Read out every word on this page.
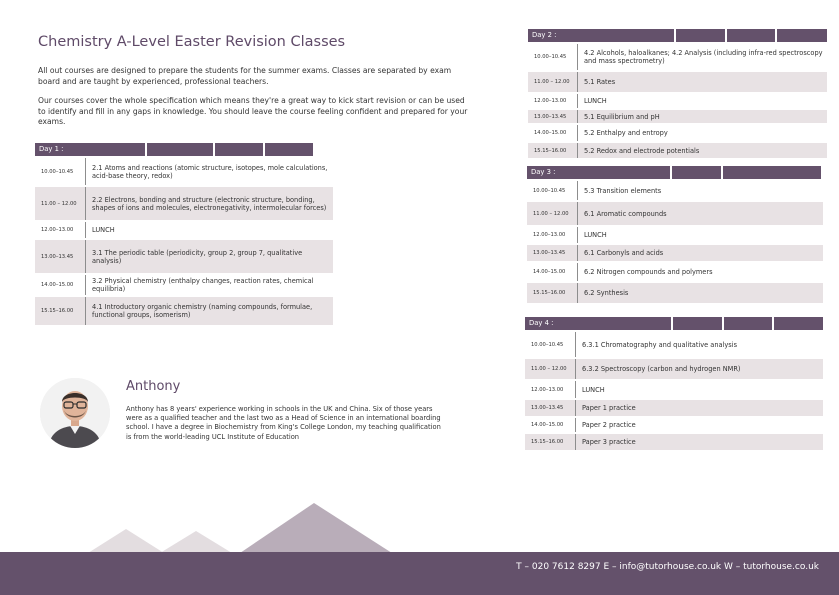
Chemistry A-Level Easter Revision Classes

All out courses are designed to prepare the students for the summer exams. Classes are separated by exam board and are taught by experienced, professional teachers.

Our courses cover the whole specification which means they're a great way to kick start revision or can be used to identify and fill in any gaps in knowledge. You should leave the course feeling confident and prepared for your exams.

Day 1 :
10.00–10.45	2.1 Atoms and reactions (atomic structure, isotopes, mole calculations, acid-base theory, redox)
11.00 – 12.00	2.2 Electrons, bonding and structure (electronic structure, bonding, shapes of ions and molecules, electronegativity, intermolecular forces)
12.00–13.00	LUNCH
13.00–13.45	3.1 The periodic table (periodicity, group 2, group 7, qualitative analysis)
14.00–15.00	3.2 Physical chemistry (enthalpy changes, reaction rates, chemical equilibria)
15.15–16.00	4.1 Introductory organic chemistry (naming compounds, formulae, functional groups, isomerism)
Day 2 :
10.00–10.45	4.2 Alcohols, haloalkanes; 4.2 Analysis (including infra-red spectroscopy and mass spectrometry)
11.00 – 12.00	5.1 Rates
12.00–13.00	LUNCH
13.00–13.45	5.1 Equilibrium and pH
14.00–15.00	5.2 Enthalpy and entropy
15.15–16.00	5.2 Redox and electrode potentials
Day 3 :
10.00–10.45	5.3 Transition elements
11.00 – 12.00	6.1 Aromatic compounds
12.00–13.00	LUNCH
13.00–13.45	6.1 Carbonyls and acids
14.00–15.00	6.2 Nitrogen compounds and polymers
15.15–16.00	6.2 Synthesis
Day 4 :
10.00–10.45	6.3.1 Chromatography and qualitative analysis
11.00 – 12.00	6.3.2 Spectroscopy (carbon and hydrogen NMR)
12.00–13.00	LUNCH
13.00–13.45	Paper 1 practice
14.00–15.00	Paper 2 practice
15.15–16.00	Paper 3 practice
Anthony

Anthony has 8 years' experience working in schools in the UK and China. Six of those years were as a qualified teacher and the last two as a Head of Science in an international boarding school. I have a degree in Biochemistry from King's College London, my teaching qualification is from the world-leading UCL Institute of Education

T – 020 7612 8297 E – info@tutorhouse.co.uk W – tutorhouse.co.uk
